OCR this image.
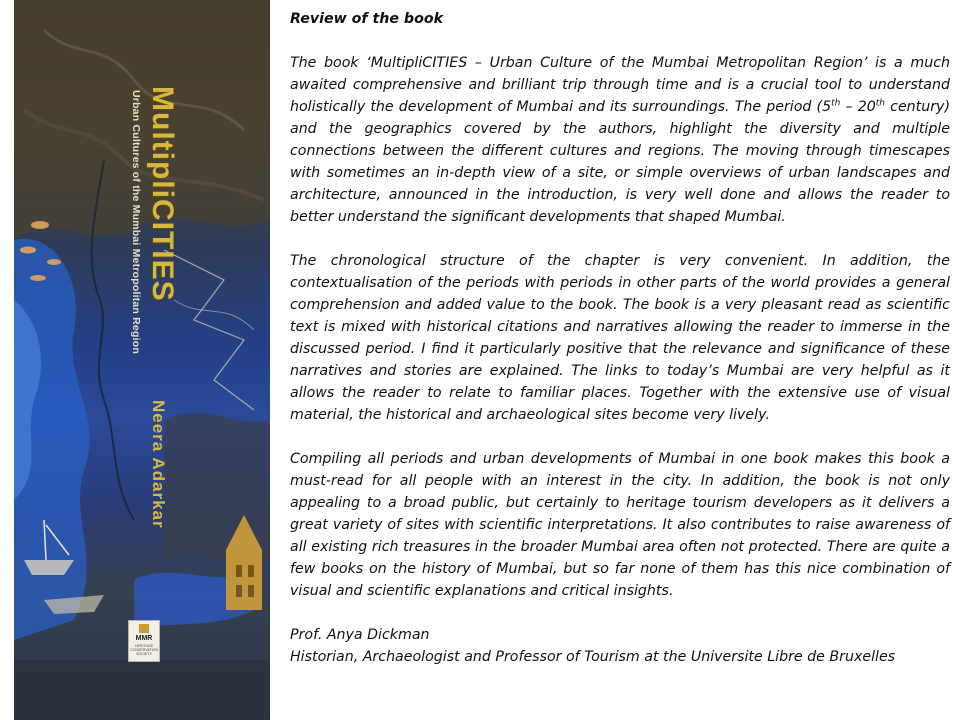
MultipliCITIES
Urban Cultures of the Mumbai Metropolitan Region
Neera Adarkar
MMR
HERITAGE CONSERVATION SOCIETY
Review of the book

The book ‘MultipliCITIES – Urban Culture of the Mumbai Metropolitan Region’ is a much awaited comprehensive and brilliant trip through time and is a crucial tool to understand holistically the development of Mumbai and its surroundings. The period (5th – 20th century) and the geographics covered by the authors, highlight the diversity and multiple connections between the different cultures and regions. The moving through timescapes with sometimes an in-depth view of a site, or simple overviews of urban landscapes and architecture, announced in the introduction, is very well done and allows the reader to better understand the significant developments that shaped Mumbai.

The chronological structure of the chapter is very convenient. In addition, the contextualisation of the periods with periods in other parts of the world provides a general comprehension and added value to the book. The book is a very pleasant read as scientific text is mixed with historical citations and narratives allowing the reader to immerse in the discussed period. I find it particularly positive that the relevance and significance of these narratives and stories are explained. The links to today’s Mumbai are very helpful as it allows the reader to relate to familiar places. Together with the extensive use of visual material, the historical and archaeological sites become very lively.

Compiling all periods and urban developments of Mumbai in one book makes this book a must-read for all people with an interest in the city. In addition, the book is not only appealing to a broad public, but certainly to heritage tourism developers as it delivers a great variety of sites with scientific interpretations. It also contributes to raise awareness of all existing rich treasures in the broader Mumbai area often not protected. There are quite a few books on the history of Mumbai, but so far none of them has this nice combination of visual and scientific explanations and critical insights.

Prof. Anya Dickman
Historian, Archaeologist and Professor of Tourism at the Universite Libre de Bruxelles
